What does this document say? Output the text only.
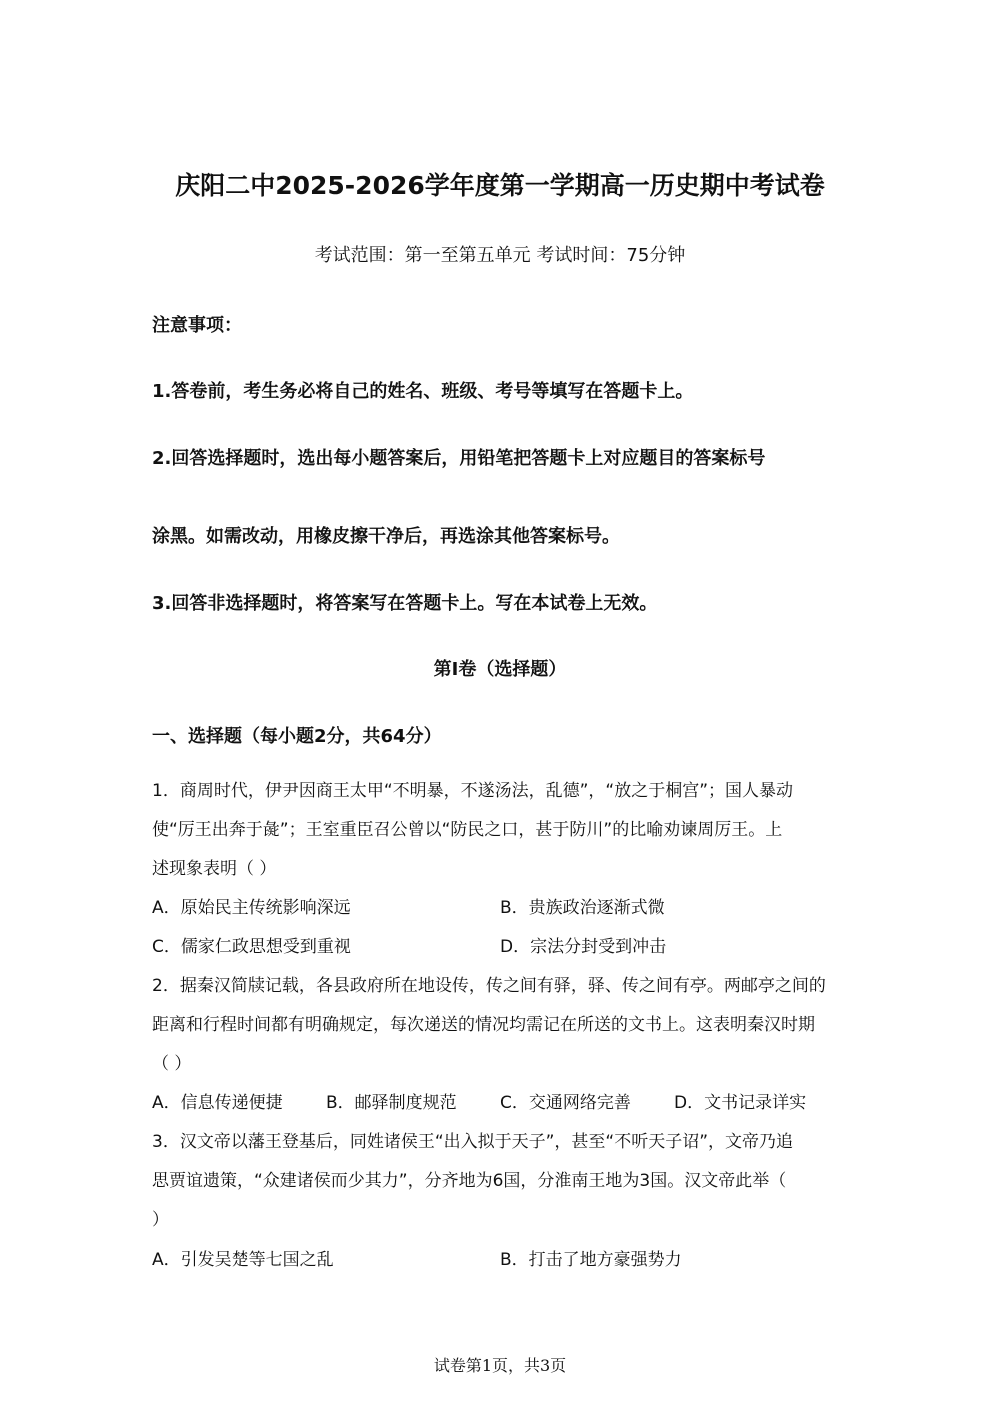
庆阳二中2025-2026学年度第一学期高一历史期中考试卷
考试范围：第一至第五单元 考试时间：75分钟
注意事项：
1.答卷前，考生务必将自己的姓名、班级、考号等填写在答题卡上。
2.回答选择题时，选出每小题答案后，用铅笔把答题卡上对应题目的答案标号
涂黑。如需改动，用橡皮擦干净后，再选涂其他答案标号。
3.回答非选择题时，将答案写在答题卡上。写在本试卷上无效。
第Ⅰ卷（选择题）
一、选择题（每小题2分，共64分）
1．商周时代，伊尹因商王太甲“不明暴，不遂汤法，乱德”，“放之于桐宫”；国人暴动
使“厉王出奔于彘”；王室重臣召公曾以“防民之口，甚于防川”的比喻劝谏周厉王。上
述现象表明（ ）
A．原始民主传统影响深远	B．贵族政治逐渐式微
C．儒家仁政思想受到重视	D．宗法分封受到冲击
2．据秦汉简牍记载，各县政府所在地设传，传之间有驿，驿、传之间有亭。两邮亭之间的
距离和行程时间都有明确规定，每次递送的情况均需记在所送的文书上。这表明秦汉时期
（ ）
A．信息传递便捷	B．邮驿制度规范	C．交通网络完善	D．文书记录详实
3．汉文帝以藩王登基后，同姓诸侯王“出入拟于天子”，甚至“不听天子诏”，文帝乃追
思贾谊遗策，“众建诸侯而少其力”，分齐地为6国，分淮南王地为3国。汉文帝此举（
）
A．引发吴楚等七国之乱	B．打击了地方豪强势力
试卷第1页，共3页
